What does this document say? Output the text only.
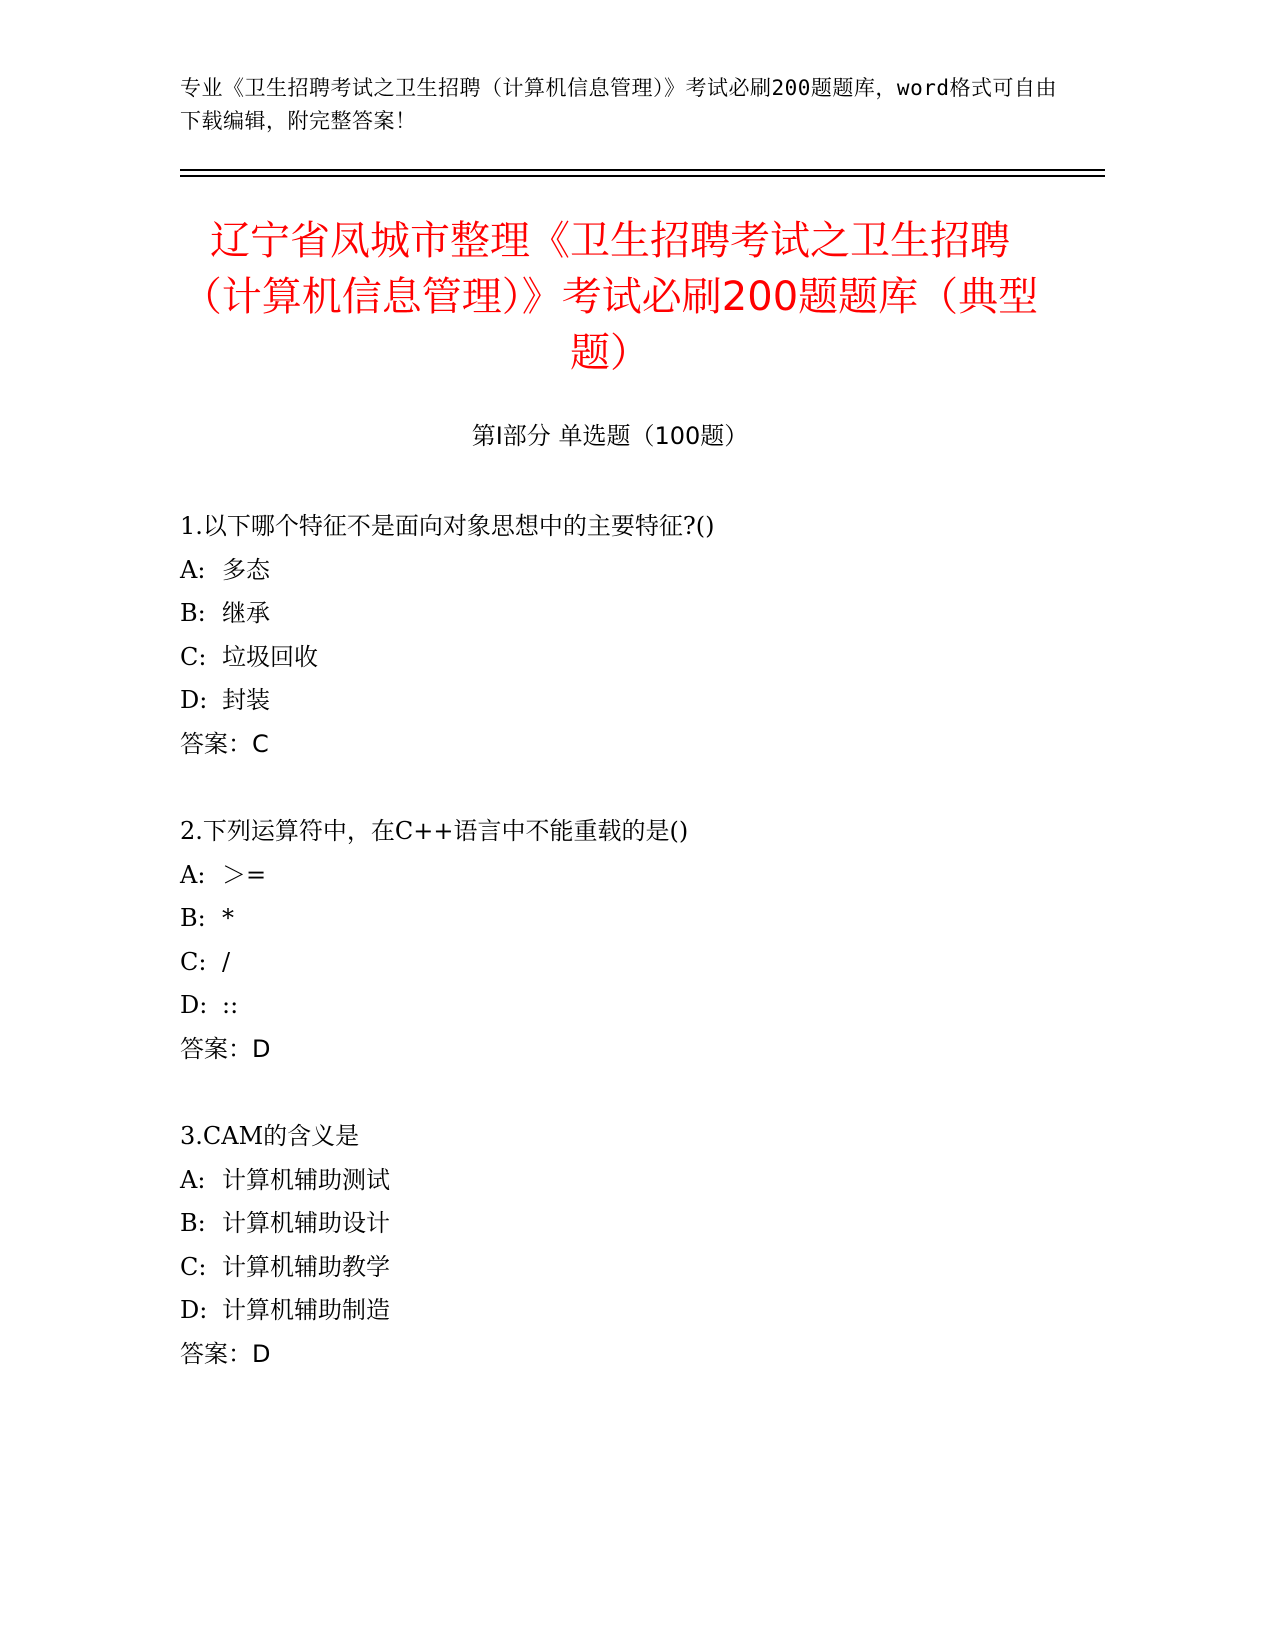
专业《卫生招聘考试之卫生招聘（计算机信息管理）》考试必刷200题题库，word格式可自由下载编辑，附完整答案！
辽宁省凤城市整理《卫生招聘考试之卫生招聘（计算机信息管理）》考试必刷200题题库（典型题）
第Ⅰ部分 单选题（100题）
1.以下哪个特征不是面向对象思想中的主要特征?()
A: 多态
B: 继承
C: 垃圾回收
D: 封装
答案：C
2.下列运算符中，在C++语言中不能重载的是()
A: ＞=
B: *
C: /
D: ::
答案：D
3.CAM的含义是
A: 计算机辅助测试
B: 计算机辅助设计
C: 计算机辅助教学
D: 计算机辅助制造
答案：D
